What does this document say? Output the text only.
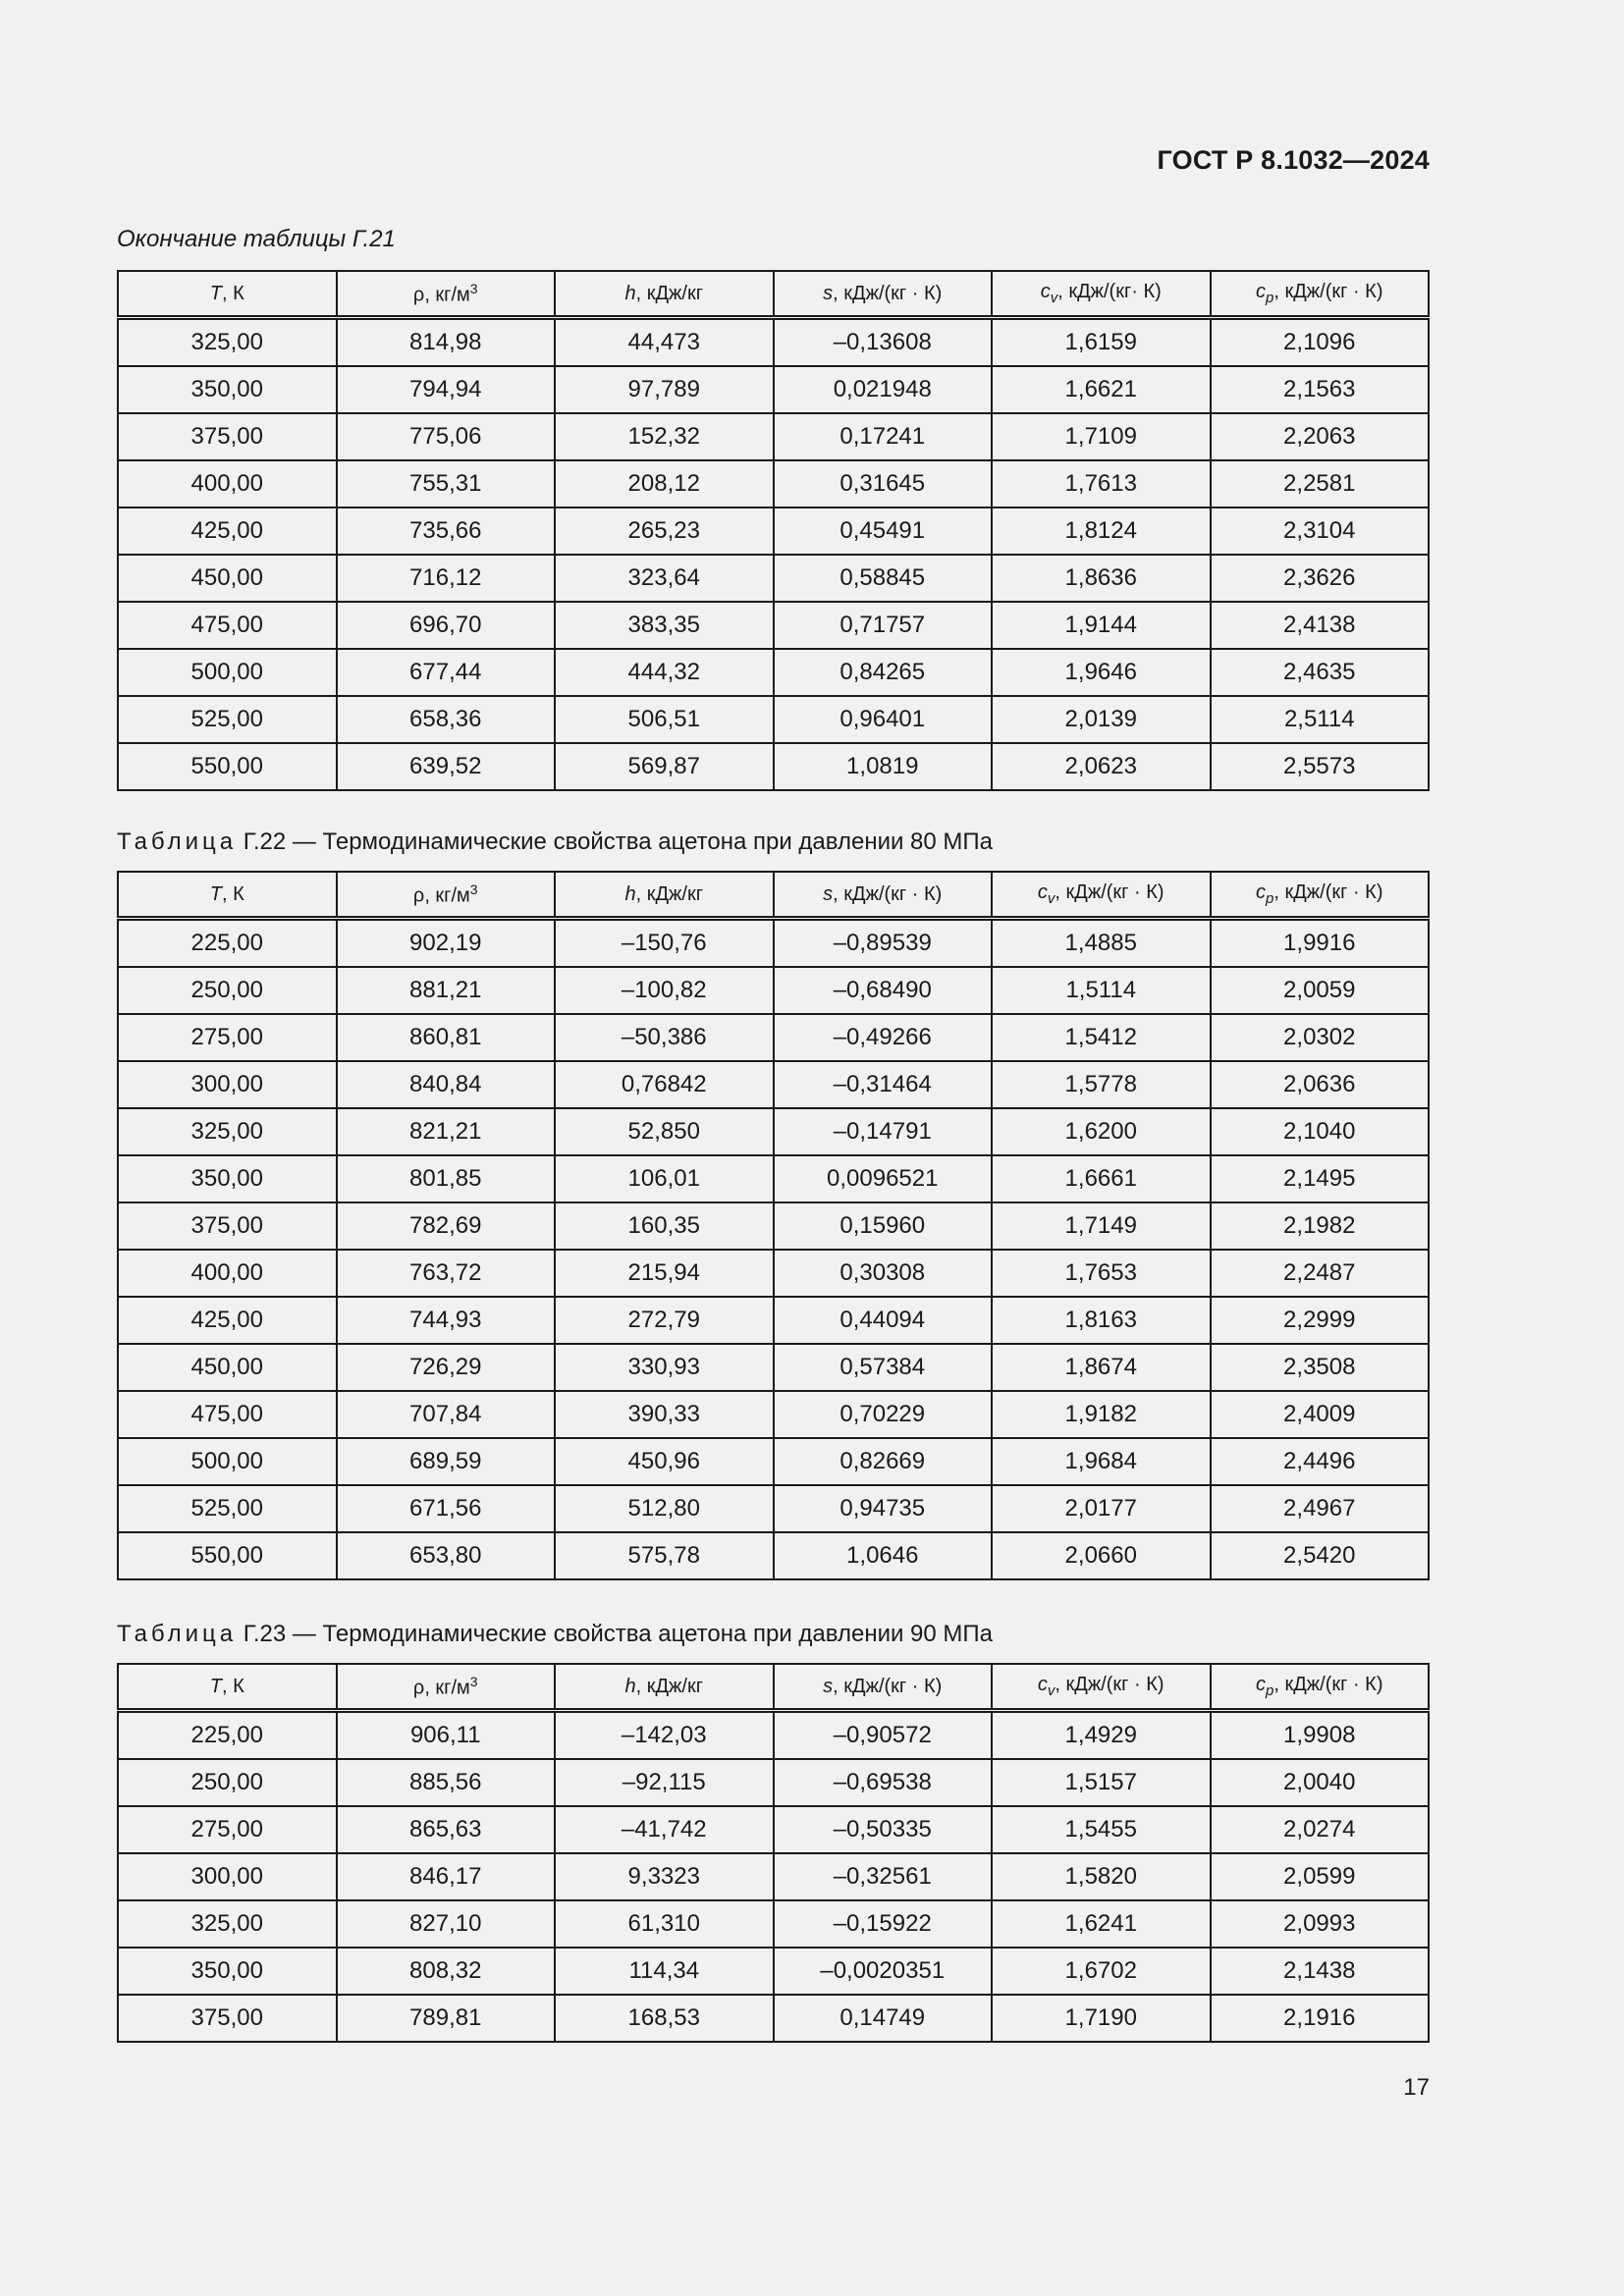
ГОСТ Р 8.1032—2024
Окончание таблицы Г.21
T, К	ρ, $кг/м^3$	h, кДж/кг	s, кДж/(кг · К)	$c_v$, кДж/(кг· К)	$c_p$, кДж/(кг · К)
325,00	814,98	44,473	–0,13608	1,6159	2,1096
350,00	794,94	97,789	0,021948	1,6621	2,1563
375,00	775,06	152,32	0,17241	1,7109	2,2063
400,00	755,31	208,12	0,31645	1,7613	2,2581
425,00	735,66	265,23	0,45491	1,8124	2,3104
450,00	716,12	323,64	0,58845	1,8636	2,3626
475,00	696,70	383,35	0,71757	1,9144	2,4138
500,00	677,44	444,32	0,84265	1,9646	2,4635
525,00	658,36	506,51	0,96401	2,0139	2,5114
550,00	639,52	569,87	1,0819	2,0623	2,5573
Таблица Г.22 — Термодинамические свойства ацетона при давлении 80 МПа
T, К	ρ, $кг/м^3$	h, кДж/кг	s, кДж/(кг · К)	$c_v$, кДж/(кг · К)	$c_p$, кДж/(кг · К)
225,00	902,19	–150,76	–0,89539	1,4885	1,9916
250,00	881,21	–100,82	–0,68490	1,5114	2,0059
275,00	860,81	–50,386	–0,49266	1,5412	2,0302
300,00	840,84	0,76842	–0,31464	1,5778	2,0636
325,00	821,21	52,850	–0,14791	1,6200	2,1040
350,00	801,85	106,01	0,0096521	1,6661	2,1495
375,00	782,69	160,35	0,15960	1,7149	2,1982
400,00	763,72	215,94	0,30308	1,7653	2,2487
425,00	744,93	272,79	0,44094	1,8163	2,2999
450,00	726,29	330,93	0,57384	1,8674	2,3508
475,00	707,84	390,33	0,70229	1,9182	2,4009
500,00	689,59	450,96	0,82669	1,9684	2,4496
525,00	671,56	512,80	0,94735	2,0177	2,4967
550,00	653,80	575,78	1,0646	2,0660	2,5420
Таблица Г.23 — Термодинамические свойства ацетона при давлении 90 МПа
T, К	ρ, $кг/м^3$	h, кДж/кг	s, кДж/(кг · К)	$c_v$, кДж/(кг · К)	$c_p$, кДж/(кг · К)
225,00	906,11	–142,03	–0,90572	1,4929	1,9908
250,00	885,56	–92,115	–0,69538	1,5157	2,0040
275,00	865,63	–41,742	–0,50335	1,5455	2,0274
300,00	846,17	9,3323	–0,32561	1,5820	2,0599
325,00	827,10	61,310	–0,15922	1,6241	2,0993
350,00	808,32	114,34	–0,0020351	1,6702	2,1438
375,00	789,81	168,53	0,14749	1,7190	2,1916
17
